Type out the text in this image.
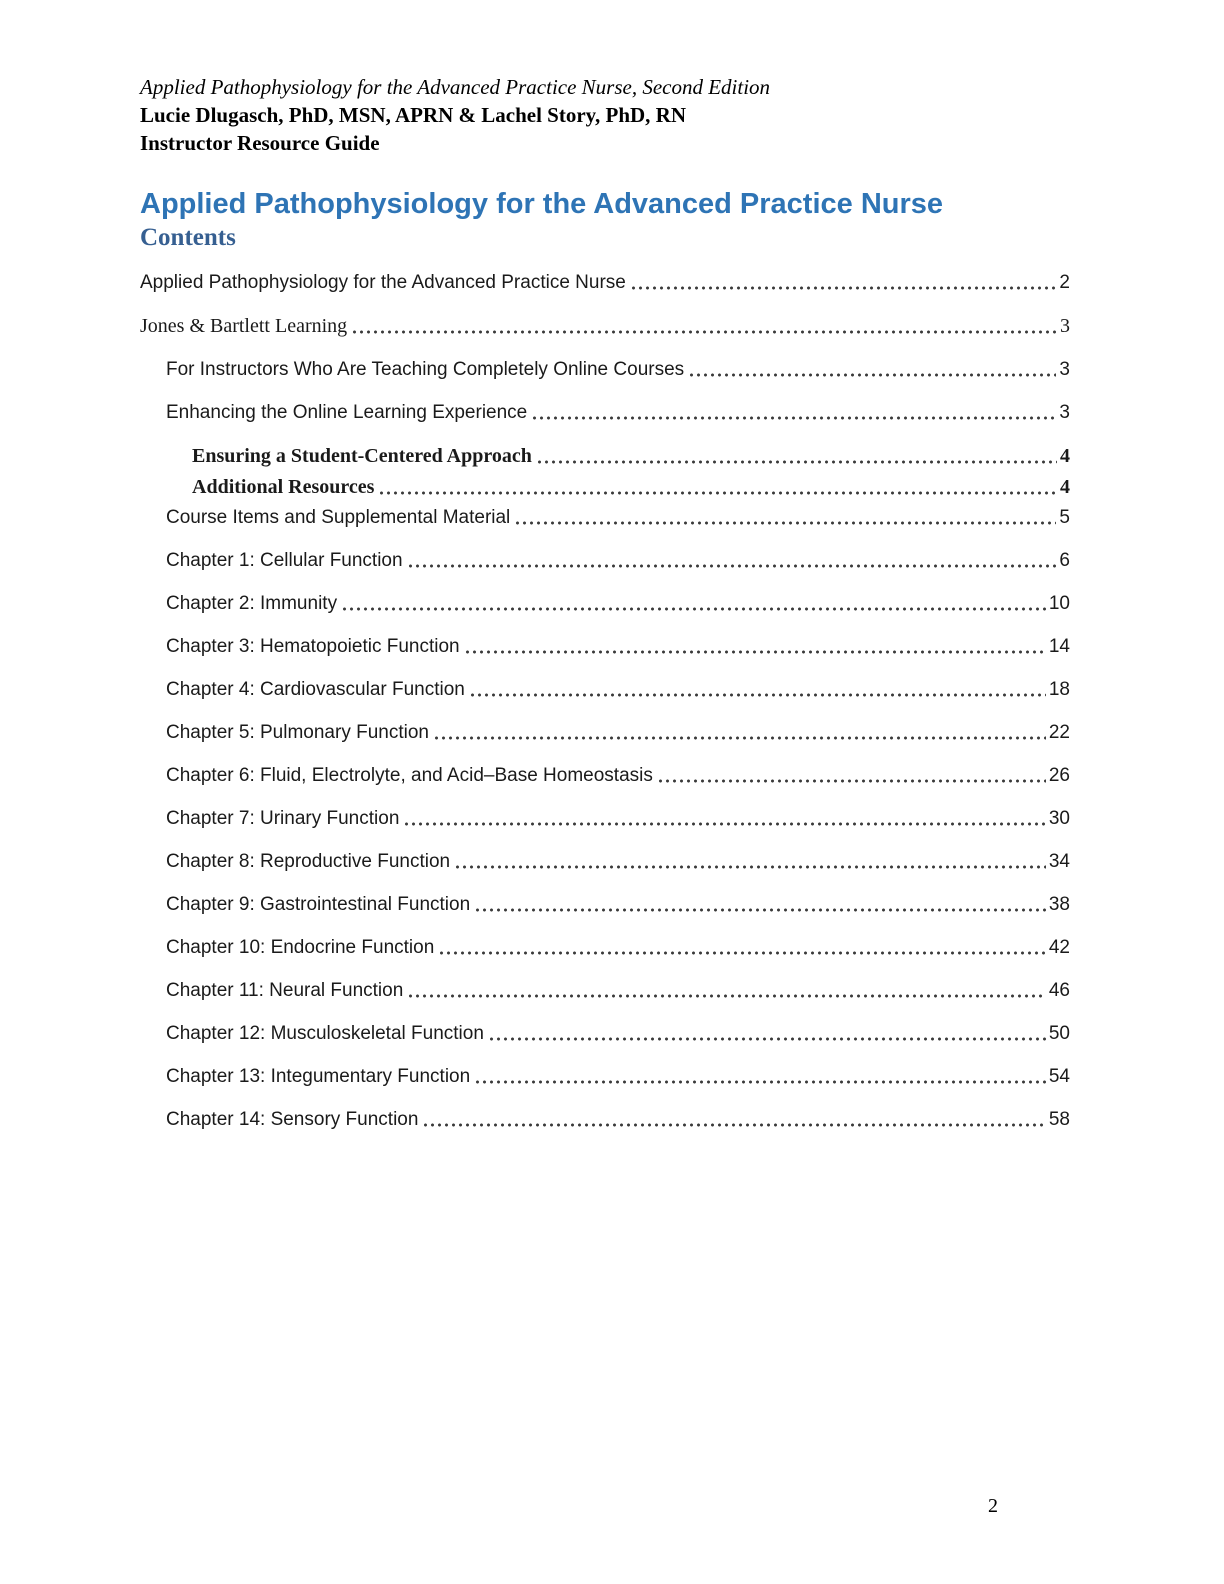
Applied Pathophysiology for the Advanced Practice Nurse, Second Edition
Lucie Dlugasch, PhD, MSN, APRN & Lachel Story, PhD, RN
Instructor Resource Guide
Applied Pathophysiology for the Advanced Practice Nurse
Contents
Applied Pathophysiology for the Advanced Practice Nurse	2
Jones & Bartlett Learning	3
For Instructors Who Are Teaching Completely Online Courses	3
Enhancing the Online Learning Experience	3
Ensuring a Student-Centered Approach	4
Additional Resources	4
Course Items and Supplemental Material	5
Chapter 1: Cellular Function	6
Chapter 2: Immunity	10
Chapter 3: Hematopoietic Function	14
Chapter 4: Cardiovascular Function	18
Chapter 5: Pulmonary Function	22
Chapter 6: Fluid, Electrolyte, and Acid–Base Homeostasis	26
Chapter 7: Urinary Function	30
Chapter 8: Reproductive Function	34
Chapter 9: Gastrointestinal Function	38
Chapter 10: Endocrine Function	42
Chapter 11: Neural Function	46
Chapter 12: Musculoskeletal Function	50
Chapter 13: Integumentary Function	54
Chapter 14: Sensory Function	58
2
